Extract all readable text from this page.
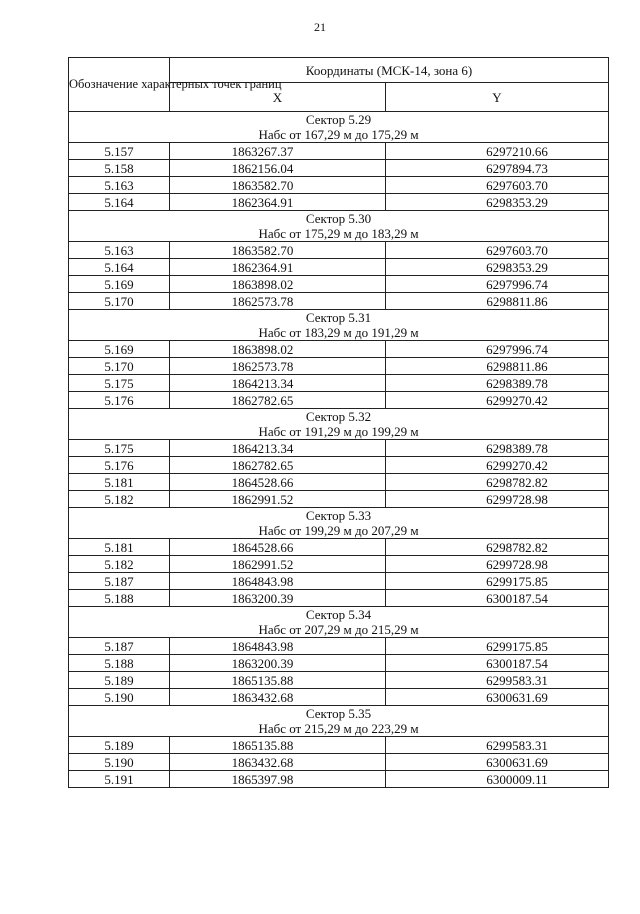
21
Обозначение характерных точек границ	Координаты (МСК-14, зона 6)	
	X	Y

Сектор 5.29
Набс от 167,29 м до 175,29 м		

5.157	1863267.37	6297210.66
5.158	1862156.04	6297894.73
5.163	1863582.70	6297603.70
5.164	1862364.91	6298353.29

Сектор 5.30
Набс от 175,29 м до 183,29 м		

5.163	1863582.70	6297603.70
5.164	1862364.91	6298353.29
5.169	1863898.02	6297996.74
5.170	1862573.78	6298811.86

Сектор 5.31
Набс от 183,29 м до 191,29 м		

5.169	1863898.02	6297996.74
5.170	1862573.78	6298811.86
5.175	1864213.34	6298389.78
5.176	1862782.65	6299270.42

Сектор 5.32
Набс от 191,29 м до 199,29 м		

5.175	1864213.34	6298389.78
5.176	1862782.65	6299270.42
5.181	1864528.66	6298782.82
5.182	1862991.52	6299728.98

Сектор 5.33
Набс от 199,29 м до 207,29 м		

5.181	1864528.66	6298782.82
5.182	1862991.52	6299728.98
5.187	1864843.98	6299175.85
5.188	1863200.39	6300187.54

Сектор 5.34
Набс от 207,29 м до 215,29 м		

5.187	1864843.98	6299175.85
5.188	1863200.39	6300187.54
5.189	1865135.88	6299583.31
5.190	1863432.68	6300631.69

Сектор 5.35
Набс от 215,29 м до 223,29 м		

5.189	1865135.88	6299583.31
5.190	1863432.68	6300631.69
5.191	1865397.98	6300009.11
